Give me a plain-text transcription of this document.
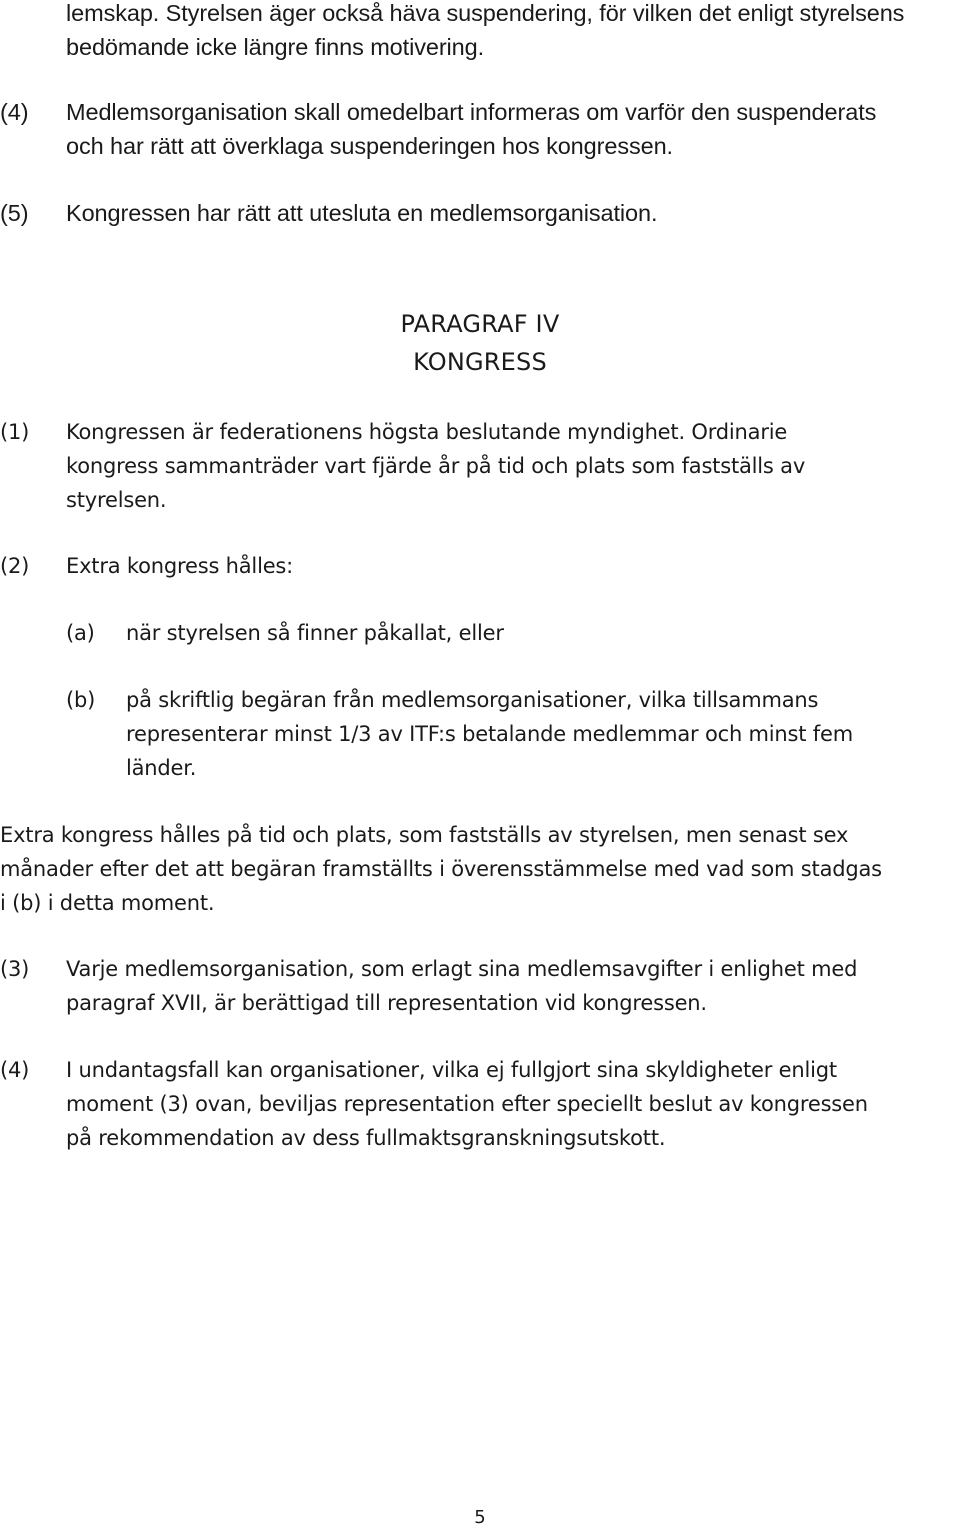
lemskap. Styrelsen äger också häva suspendering, för vilken det enligt styrelsens
bedömande icke längre finns motivering.
(4) Medlemsorganisation skall omedelbart informeras om varför den suspenderats
och har rätt att överklaga suspenderingen hos kongressen.
(5) Kongressen har rätt att utesluta en medlemsorganisation.
PARAGRAF IV
KONGRESS
(1) Kongressen är federationens högsta beslutande myndighet. Ordinarie
kongress sammanträder vart fjärde år på tid och plats som fastställs av
styrelsen.
(2) Extra kongress hålles:
(a) när styrelsen så finner påkallat, eller
(b) på skriftlig begäran från medlemsorganisationer, vilka tillsammans
representerar minst 1/3 av ITF:s betalande medlemmar och minst fem
länder.
Extra kongress hålles på tid och plats, som fastställs av styrelsen, men senast sex
månader efter det att begäran framställts i överensstämmelse med vad som stadgas
i (b) i detta moment.
(3) Varje medlemsorganisation, som erlagt sina medlemsavgifter i enlighet med
paragraf XVII, är berättigad till representation vid kongressen.
(4) I undantagsfall kan organisationer, vilka ej fullgjort sina skyldigheter enligt
moment (3) ovan, beviljas representation efter speciellt beslut av kongressen
på rekommendation av dess fullmaktsgranskningsutskott.
5
